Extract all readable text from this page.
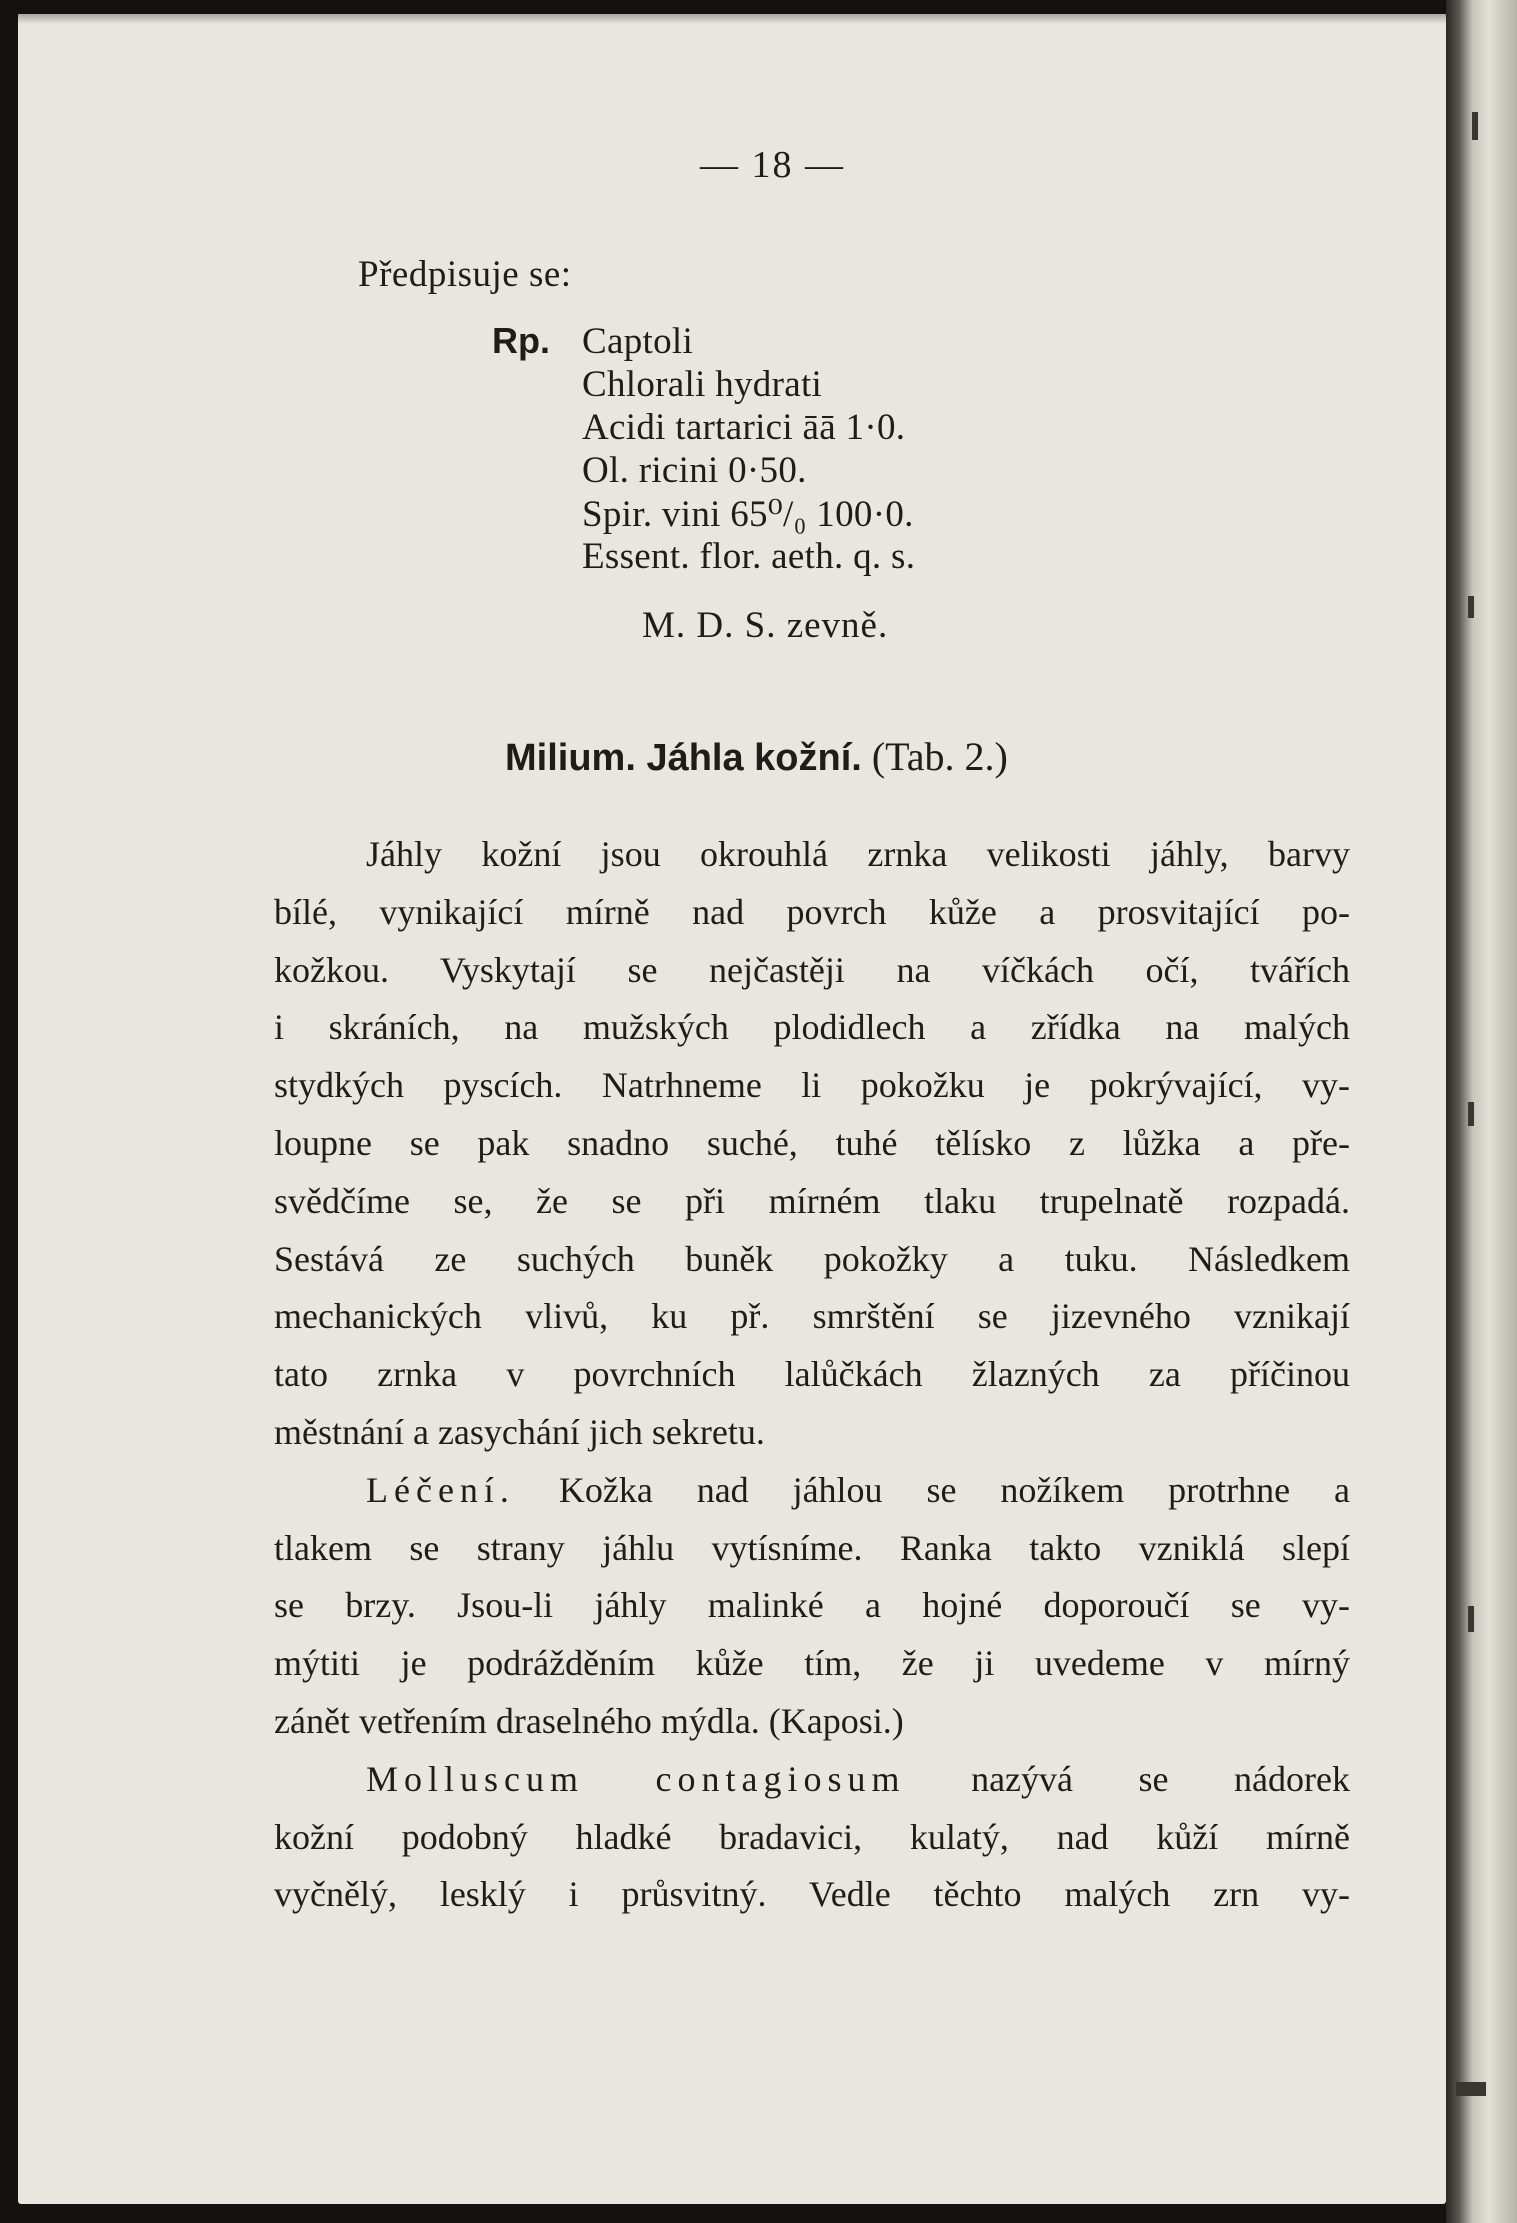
— 18 —
Předpisuje se:
Rp. Captoli
Chlorali hydrati
Acidi tartarici āā 1·0.
Ol. ricini 0·50.
Spir. vini 65⁰/₀ 100·0.
Essent. flor. aeth. q. s.
M. D. S. zevně.
Milium. Jáhla kožní. (Tab. 2.)
Jáhly kožní jsou okrouhlá zrnka velikosti jáhly, barvy
bílé, vynikající mírně nad povrch kůže a prosvitající po-
kožkou. Vyskytají se nejčastěji na víčkách očí, tvářích
i skráních, na mužských plodidlech a zřídka na malých
stydkých pyscích. Natrhneme li pokožku je pokrývající, vy-
loupne se pak snadno suché, tuhé tělísko z lůžka a pře-
svědčíme se, že se při mírném tlaku trupelnatě rozpadá.
Sestává ze suchých buněk pokožky a tuku. Následkem
mechanických vlivů, ku př. smrštění se jizevného vznikají
tato zrnka v povrchních lalůčkách žlazných za příčinou
městnání a zasychání jich sekretu.
Léčení. Kožka nad jáhlou se nožíkem protrhne a
tlakem se strany jáhlu vytísníme. Ranka takto vzniklá slepí
se brzy. Jsou-li jáhly malinké a hojné doporoučí se vy-
mýtiti je podrážděním kůže tím, že ji uvedeme v mírný
zánět vetřením draselného mýdla. (Kaposi.)
Molluscum contagiosum nazývá se nádorek
kožní podobný hladké bradavici, kulatý, nad kůží mírně
vyčnělý, lesklý i průsvitný. Vedle těchto malých zrn vy-
